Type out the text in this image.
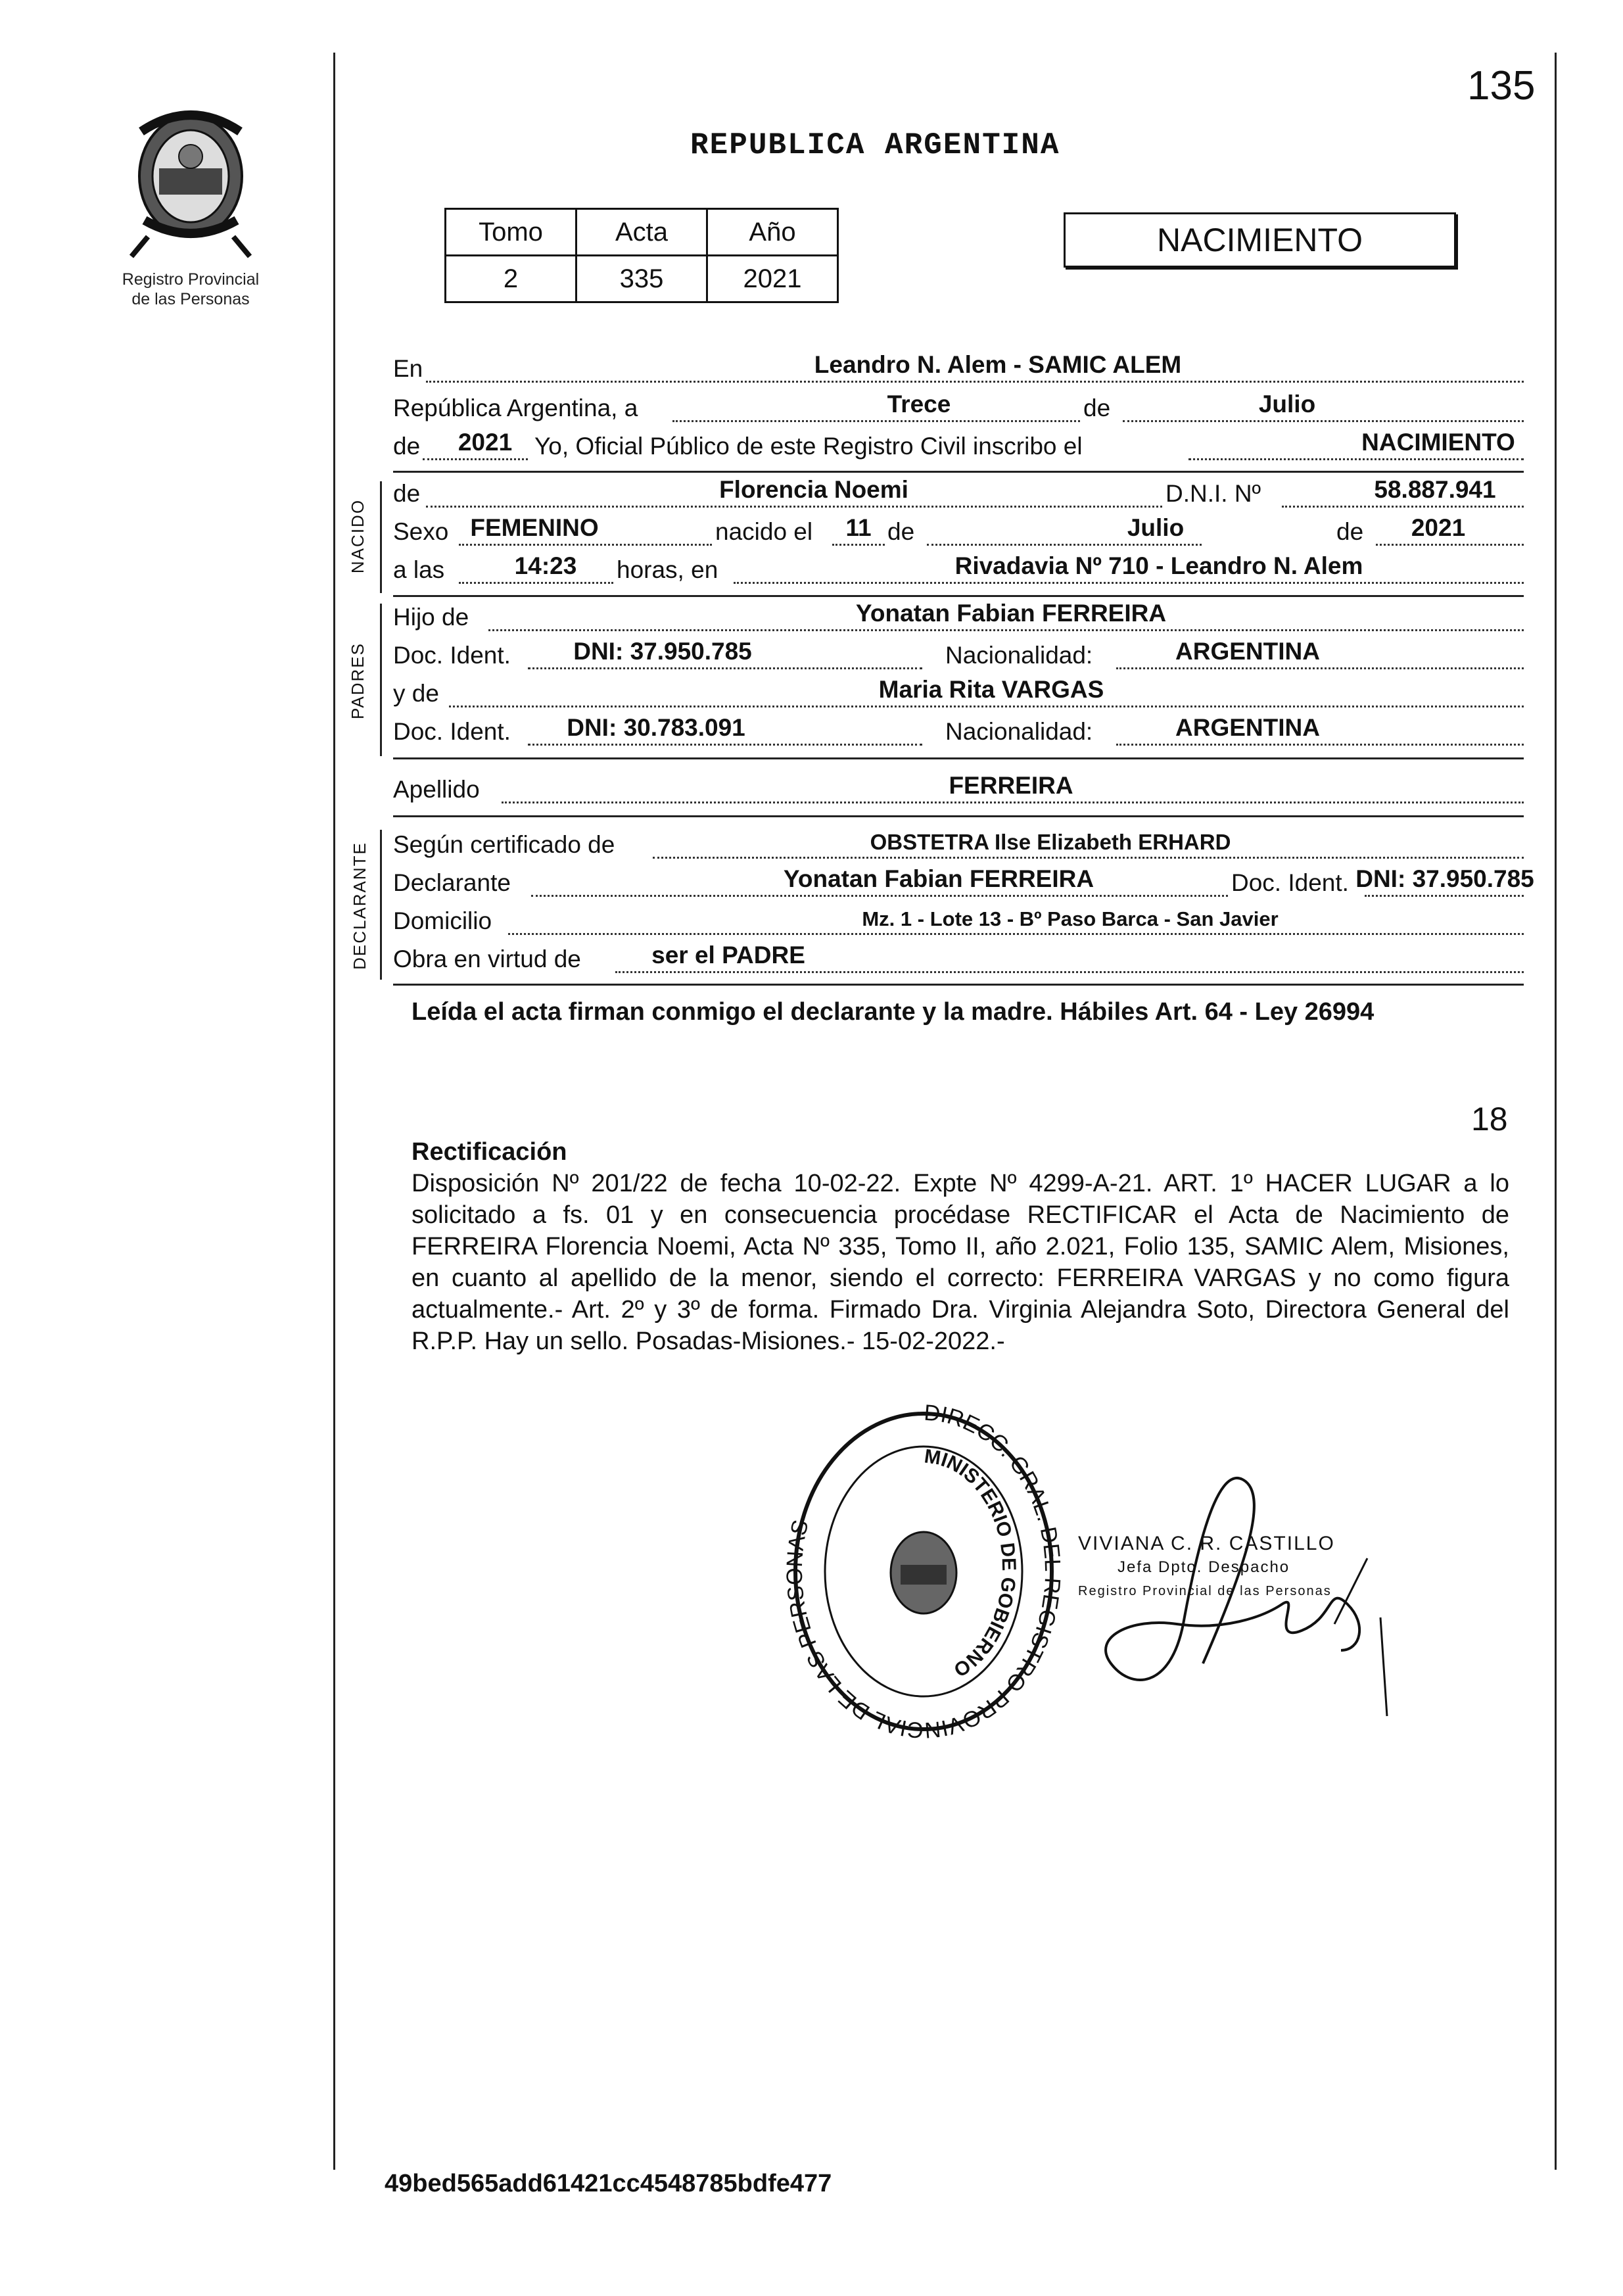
Registro Provincial
de las Personas
135
REPUBLICA ARGENTINA
Tomo	Acta	Año
2	335	2021
NACIMIENTO
En	Leandro N. Alem - SAMIC ALEM
República Argentina, a	Trece	de	Julio
de 2021 Yo, Oficial Público de este Registro Civil inscribo el	NACIMIENTO
NACIDO
de	Florencia Noemi	D.N.I. Nº	58.887.941
Sexo FEMENINO	nacido el 11 de	Julio	de 2021
a las	14:23 horas, en	Rivadavia Nº 710 - Leandro N. Alem
PADRES
Hijo de	Yonatan Fabian FERREIRA
Doc. Ident.	DNI: 37.950.785	Nacionalidad:	ARGENTINA
y de	Maria Rita VARGAS
Doc. Ident. DNI: 30.783.091	Nacionalidad:	ARGENTINA
Apellido	FERREIRA
DECLARANTE Según certificado de	OBSTETRA Ilse Elizabeth ERHARD
Declarante	Yonatan Fabian FERREIRA	Doc. Ident. DNI: 37.950.785
Domicilio	Mz. 1 - Lote 13 - Bº Paso Barca - San Javier
Obra en virtud de	ser el PADRE
Leída el acta firman conmigo el declarante y la madre. Hábiles Art. 64 - Ley 26994
18
Rectificación
Disposición Nº 201/22 de fecha 10-02-22. Expte Nº 4299-A-21. ART. 1º HACER LUGAR a lo solicitado a fs. 01 y en consecuencia procédase RECTIFICAR el Acta de Nacimiento de FERREIRA Florencia Noemi, Acta Nº 335, Tomo II, año 2.021, Folio 135, SAMIC Alem, Misiones, en cuanto al apellido de la menor, siendo el correcto: FERREIRA VARGAS y no como figura actualmente.- Art. 2º y 3º de forma. Firmado Dra. Virginia Alejandra Soto, Directora General del R.P.P. Hay un sello. Posadas-Misiones.- 15-02-2022.-
DIRECC. GRAL. DEL REGISTRO PROVINCIAL DE LAS PERSONAS
MINISTERIO DE GOBIERNO
VIVIANA C. R. CASTILLO
Jefa Dpto. Despacho
Registro Provincial de las Personas
49bed565add61421cc4548785bdfe477
